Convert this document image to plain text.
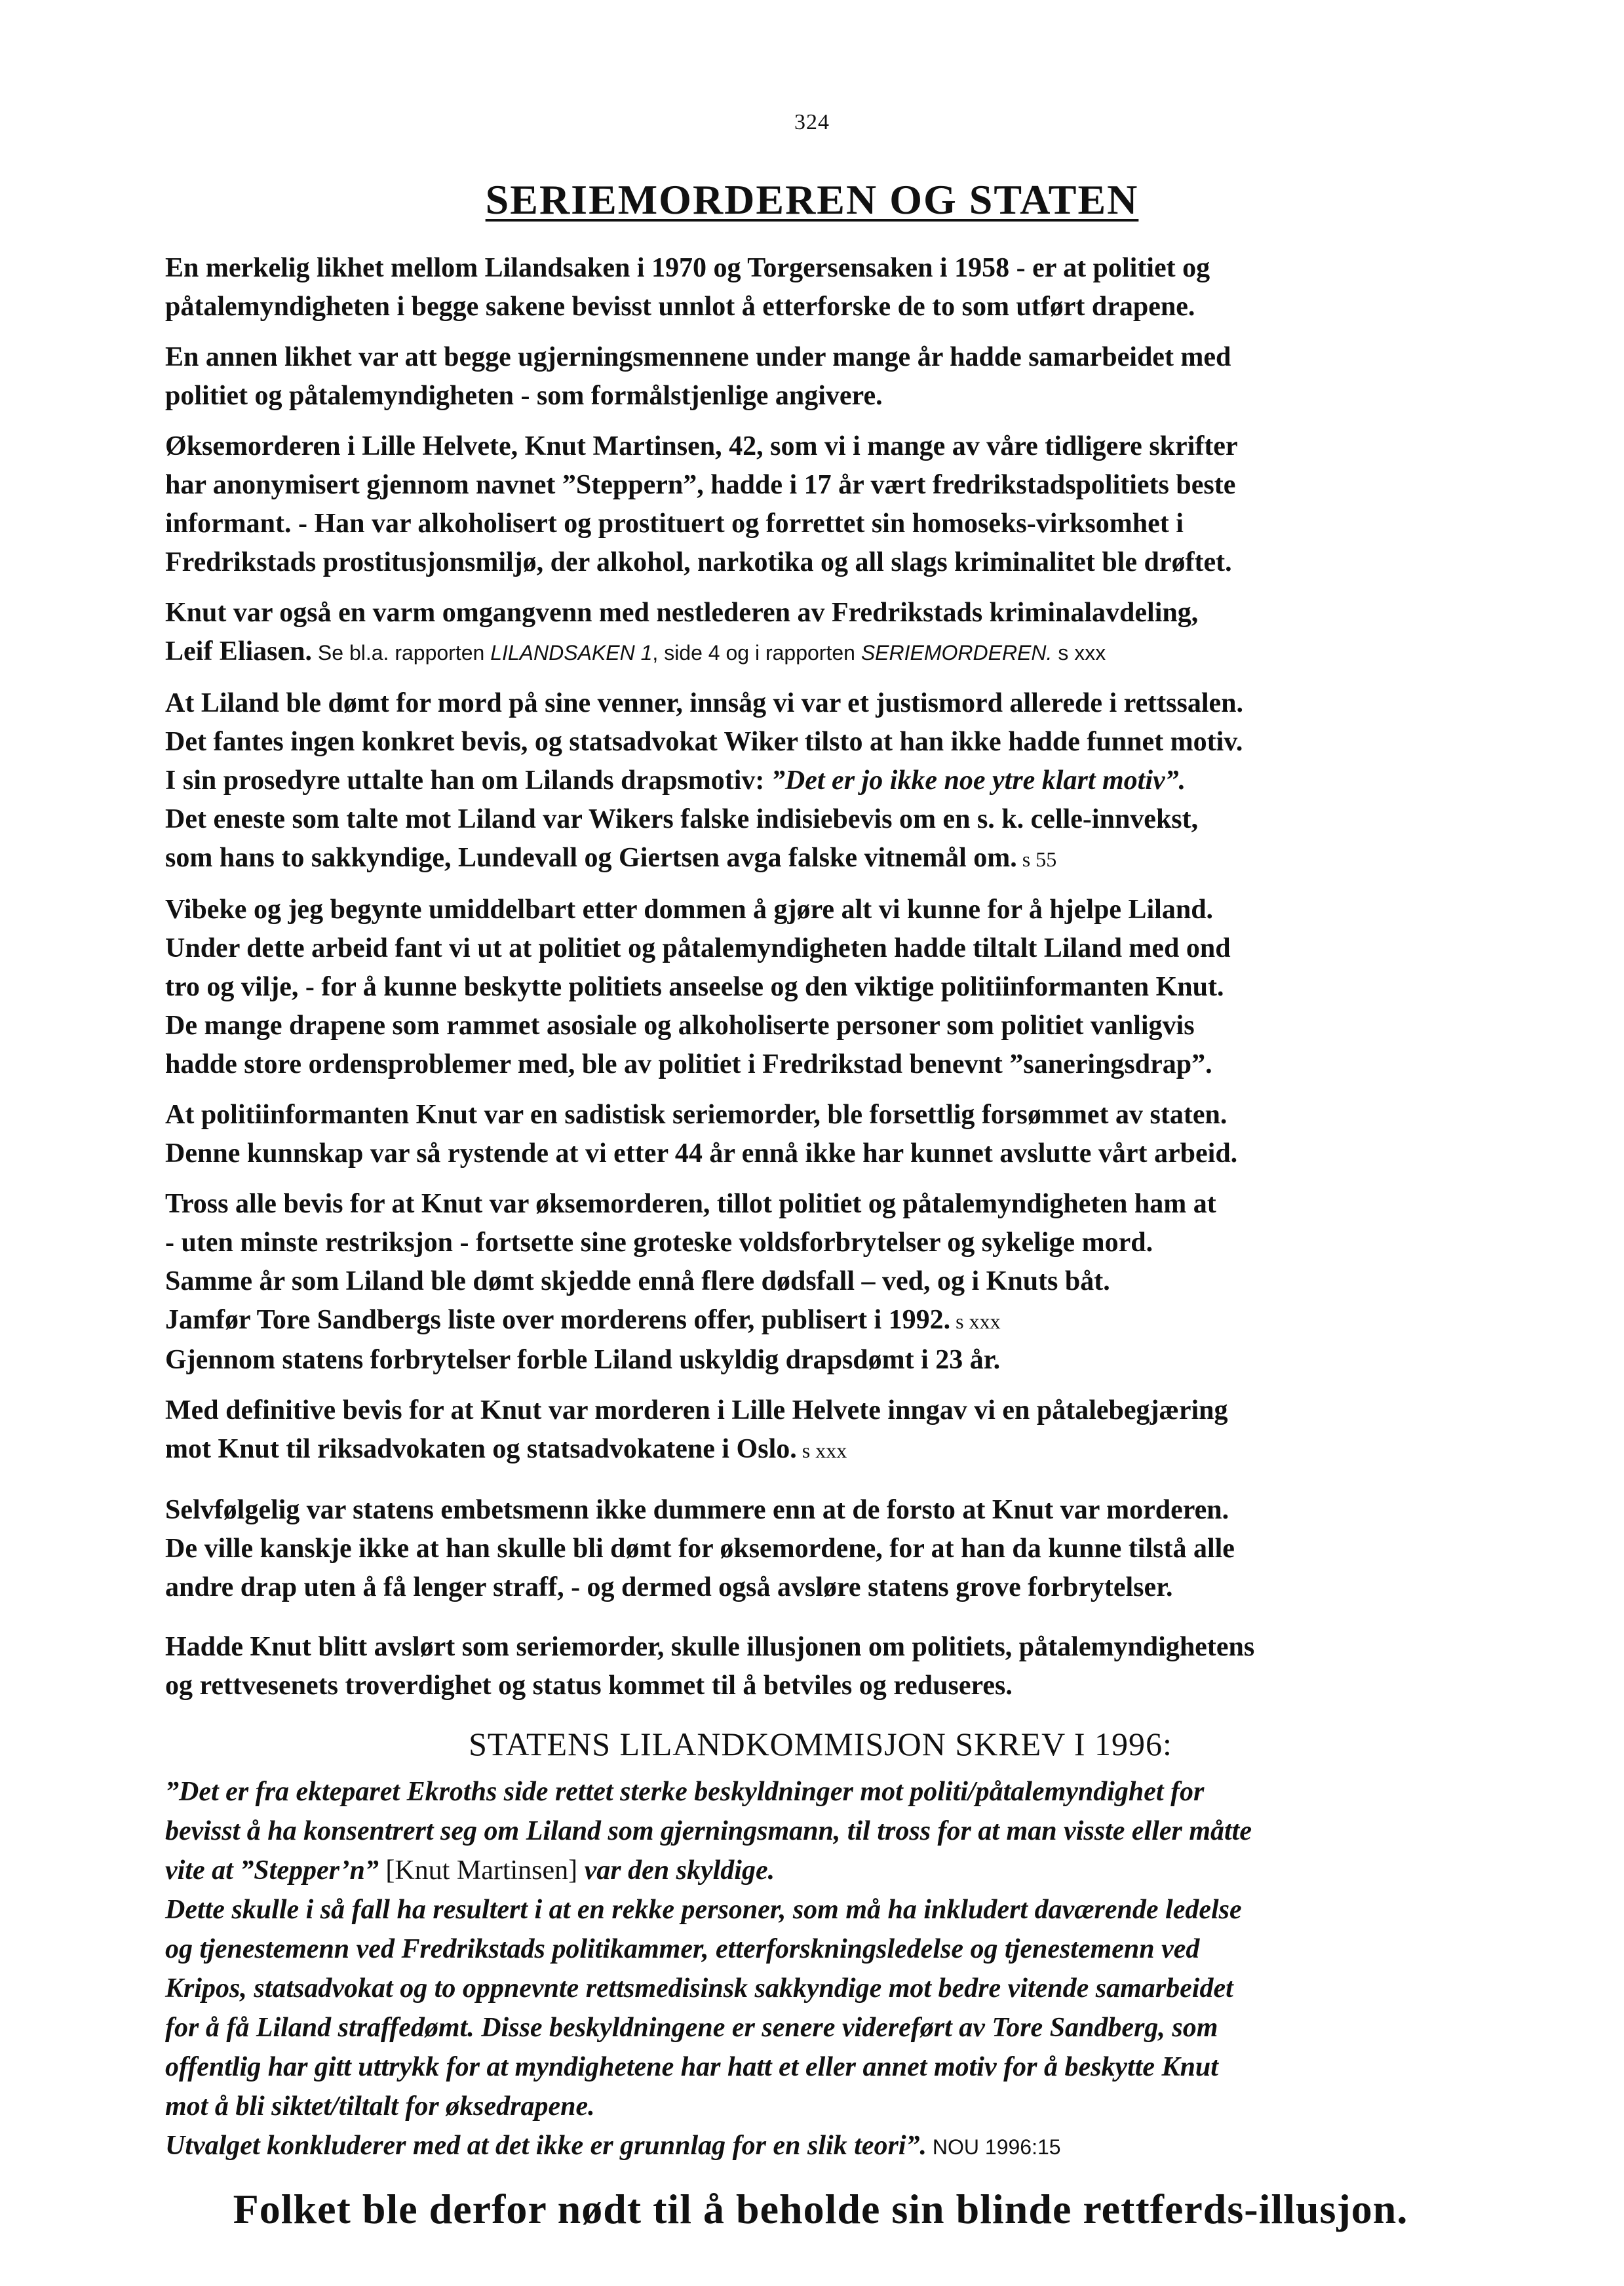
324
SERIEMORDEREN OG STATEN

En merkelig likhet mellom Lilandsaken i 1970 og Torgersensaken i 1958 - er at politiet og
påtalemyndigheten i begge sakene bevisst unnlot å etterforske de to som utført drapene.

En annen likhet var att begge ugjerningsmennene under mange år hadde samarbeidet med
politiet og påtalemyndigheten - som formålstjenlige angivere.

Øksemorderen i Lille Helvete, Knut Martinsen, 42, som vi i mange av våre tidligere skrifter
har anonymisert gjennom navnet ”Steppern”, hadde i 17 år vært fredrikstadspolitiets beste
informant. - Han var alkoholisert og prostituert og forrettet sin homoseks-virksomhet i
Fredrikstads prostitusjonsmiljø, der alkohol, narkotika og all slags kriminalitet ble drøftet.

Knut var også en varm omgangvenn med nestlederen av Fredrikstads kriminalavdeling,
Leif Eliasen. Se bl.a. rapporten LILANDSAKEN 1, side 4 og i rapporten SERIEMORDEREN. s xxx

At Liland ble dømt for mord på sine venner, innsåg vi var et justismord allerede i rettssalen.
Det fantes ingen konkret bevis, og statsadvokat Wiker tilsto at han ikke hadde funnet motiv.
I sin prosedyre uttalte han om Lilands drapsmotiv: ”Det er jo ikke noe ytre klart motiv”.
Det eneste som talte mot Liland var Wikers falske indisiebevis om en s. k. celle-innvekst,
som hans to sakkyndige, Lundevall og Giertsen avga falske vitnemål om. s 55

Vibeke og jeg begynte umiddelbart etter dommen å gjøre alt vi kunne for å hjelpe Liland.
Under dette arbeid fant vi ut at politiet og påtalemyndigheten hadde tiltalt Liland med ond
tro og vilje, - for å kunne beskytte politiets anseelse og den viktige politiinformanten Knut.
De mange drapene som rammet asosiale og alkoholiserte personer som politiet vanligvis
hadde store ordensproblemer med, ble av politiet i Fredrikstad benevnt ”saneringsdrap”.

At politiinformanten Knut var en sadistisk seriemorder, ble forsettlig forsømmet av staten.
Denne kunnskap var så rystende at vi etter 44 år ennå ikke har kunnet avslutte vårt arbeid.

Tross alle bevis for at Knut var øksemorderen, tillot politiet og påtalemyndigheten ham at
- uten minste restriksjon - fortsette sine groteske voldsforbrytelser og sykelige mord.
Samme år som Liland ble dømt skjedde ennå flere dødsfall – ved, og i Knuts båt.
Jamfør Tore Sandbergs liste over morderens offer, publisert i 1992. s xxx
Gjennom statens forbrytelser forble Liland uskyldig drapsdømt i 23 år.

Med definitive bevis for at Knut var morderen i Lille Helvete inngav vi en påtalebegjæring
mot Knut til riksadvokaten og statsadvokatene i Oslo. s xxx

Selvfølgelig var statens embetsmenn ikke dummere enn at de forsto at Knut var morderen.
De ville kanskje ikke at han skulle bli dømt for øksemordene, for at han da kunne tilstå alle
andre drap uten å få lenger straff, - og dermed også avsløre statens grove forbrytelser.

Hadde Knut blitt avslørt som seriemorder, skulle illusjonen om politiets, påtalemyndighetens
og rettvesenets troverdighet og status kommet til å betviles og reduseres.

STATENS LILANDKOMMISJON SKREV I 1996:

”Det er fra ekteparet Ekroths side rettet sterke beskyldninger mot politi/påtalemyndighet for
bevisst å ha konsentrert seg om Liland som gjerningsmann, til tross for at man visste eller måtte
vite at ”Stepper’n” [Knut Martinsen] var den skyldige.
Dette skulle i så fall ha resultert i at en rekke personer, som må ha inkludert daværende ledelse
og tjenestemenn ved Fredrikstads politikammer, etterforskningsledelse og tjenestemenn ved
Kripos, statsadvokat og to oppnevnte rettsmedisinsk sakkyndige mot bedre vitende samarbeidet
for å få Liland straffedømt. Disse beskyldningene er senere videreført av Tore Sandberg, som
offentlig har gitt uttrykk for at myndighetene har hatt et eller annet motiv for å beskytte Knut
mot å bli siktet/tiltalt for øksedrapene.
Utvalget konkluderer med at det ikke er grunnlag for en slik teori”. NOU 1996:15

Folket ble derfor nødt til å beholde sin blinde rettferds-illusjon.
